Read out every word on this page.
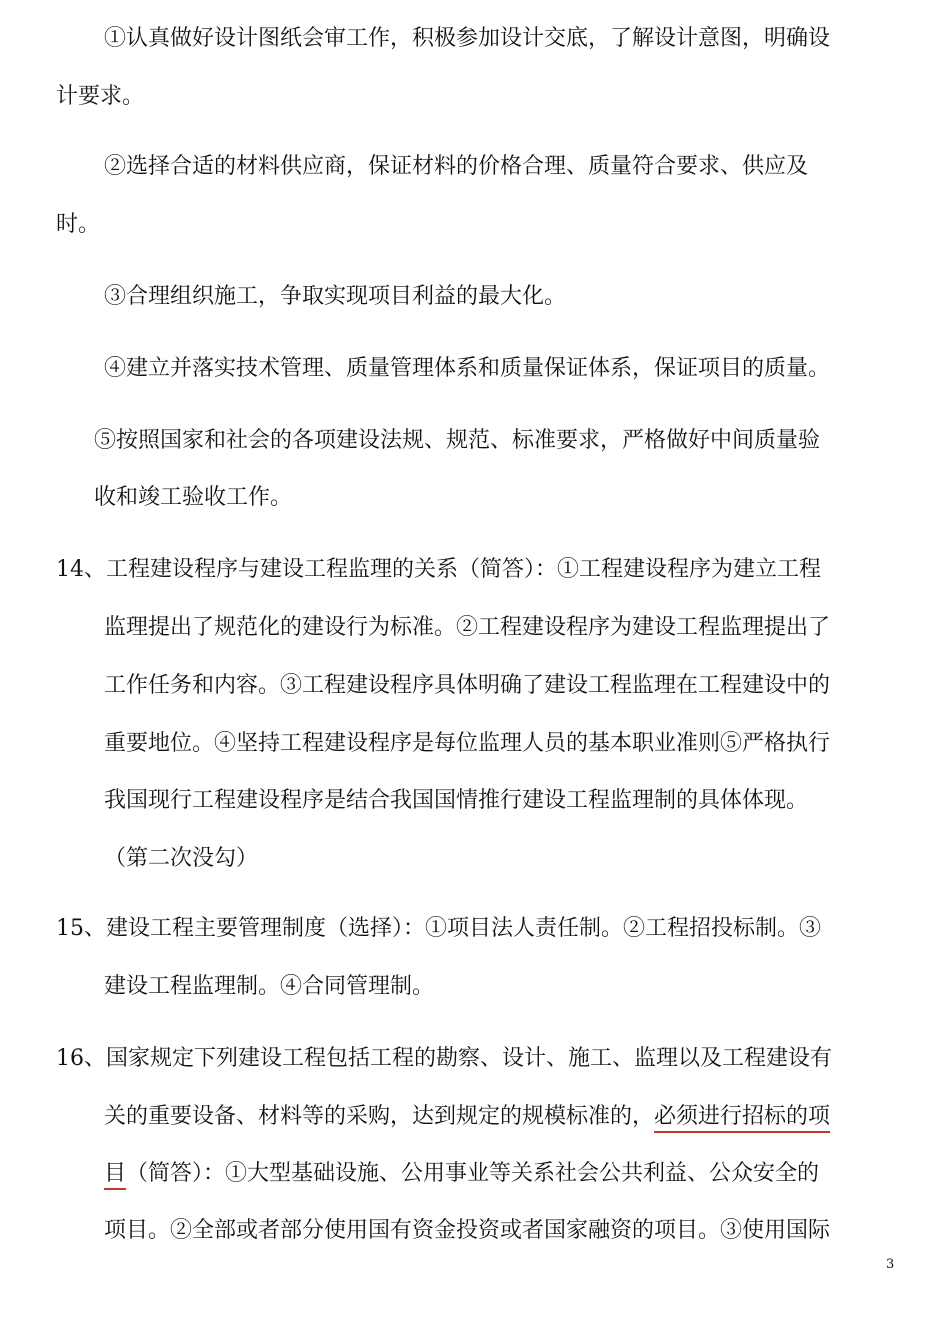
①认真做好设计图纸会审工作，积极参加设计交底，了解设计意图，明确设
计要求。
②选择合适的材料供应商，保证材料的价格合理、质量符合要求、供应及
时。
③合理组织施工，争取实现项目利益的最大化。
④建立并落实技术管理、质量管理体系和质量保证体系，保证项目的质量。
⑤按照国家和社会的各项建设法规、规范、标准要求，严格做好中间质量验
收和竣工验收工作。
14、工程建设程序与建设工程监理的关系（简答）：①工程建设程序为建立工程
监理提出了规范化的建设行为标准。②工程建设程序为建设工程监理提出了
工作任务和内容。③工程建设程序具体明确了建设工程监理在工程建设中的
重要地位。④坚持工程建设程序是每位监理人员的基本职业准则⑤严格执行
我国现行工程建设程序是结合我国国情推行建设工程监理制的具体体现。
（第二次没勾）
15、建设工程主要管理制度（选择）：①项目法人责任制。②工程招投标制。③
建设工程监理制。④合同管理制。
16、国家规定下列建设工程包括工程的勘察、设计、施工、监理以及工程建设有
关的重要设备、材料等的采购，达到规定的规模标准的，必须进行招标的项
目（简答）：①大型基础设施、公用事业等关系社会公共利益、公众安全的
项目。②全部或者部分使用国有资金投资或者国家融资的项目。③使用国际
3
